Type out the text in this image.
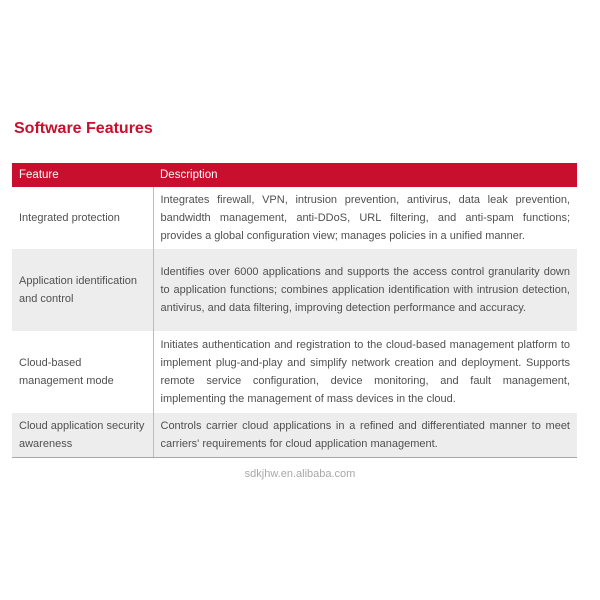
Software Features
Feature	Description
Integrated protection	Integrates firewall, VPN, intrusion prevention, antivirus, data leak prevention, bandwidth management, anti-DDoS, URL filtering, and anti-spam functions; provides a global configuration view; manages policies in a unified manner.
Application identification and control	Identifies over 6000 applications and supports the access control granularity down to application functions; combines application identification with intrusion detection, antivirus, and data filtering, improving detection performance and accuracy.
Cloud-based management mode	Initiates authentication and registration to the cloud-based management platform to implement plug-and-play and simplify network creation and deployment. Supports remote service configuration, device monitoring, and fault management, implementing the management of mass devices in the cloud.
Cloud application security awareness	Controls carrier cloud applications in a refined and differentiated manner to meet carriers' requirements for cloud application management.
sdkjhw.en.alibaba.com
